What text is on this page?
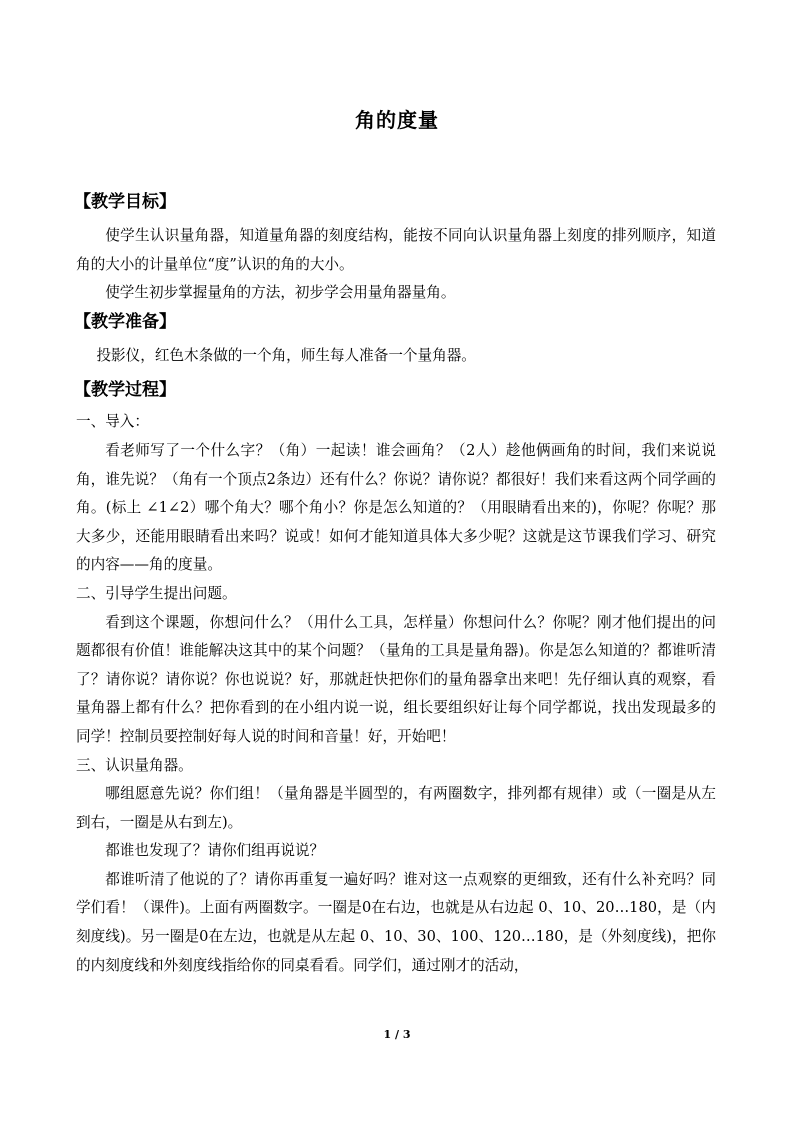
角的度量
【教学目标】

使学生认识量角器，知道量角器的刻度结构，能按不同向认识量角器上刻度的排列顺序，知道角的大小的计量单位“度”认识的角的大小。

使学生初步掌握量角的方法，初步学会用量角器量角。

【教学准备】

投影仪，红色木条做的一个角，师生每人准备一个量角器。

【教学过程】

一、导入：

看老师写了一个什么字？（角）一起读！谁会画角？（2人）趁他俩画角的时间，我们来说说角，谁先说？（角有一个顶点2条边）还有什么？你说？请你说？都很好！我们来看这两个同学画的角。(标上 ∠1∠2）哪个角大？哪个角小？你是怎么知道的？（用眼睛看出来的)，你呢？你呢？那大多少，还能用眼睛看出来吗？说或！如何才能知道具体大多少呢？这就是这节课我们学习、研究的内容——角的度量。

二、引导学生提出问题。

看到这个课题，你想问什么？（用什么工具，怎样量）你想问什么？你呢？刚才他们提出的问题都很有价值！谁能解决这其中的某个问题？（量角的工具是量角器)。你是怎么知道的？都谁听清了？请你说？请你说？你也说说？好，那就赶快把你们的量角器拿出来吧！先仔细认真的观察，看量角器上都有什么？把你看到的在小组内说一说，组长要组织好让每个同学都说，找出发现最多的同学！控制员要控制好每人说的时间和音量！好，开始吧！

三、认识量角器。

哪组愿意先说？你们组！（量角器是半圆型的，有两圈数字，排列都有规律）或（一圈是从左到右，一圈是从右到左)。

都谁也发现了？请你们组再说说？

都谁听清了他说的了？请你再重复一遍好吗？谁对这一点观察的更细致，还有什么补充吗？同学们看！（课件)。上面有两圈数字。一圈是0在右边，也就是从右边起 0、10、20…180，是（内刻度线)。另一圈是0在左边，也就是从左起 0、10、30、100、120…180，是（外刻度线)，把你的内刻度线和外刻度线指给你的同桌看看。同学们，通过刚才的活动，

1 / 3
